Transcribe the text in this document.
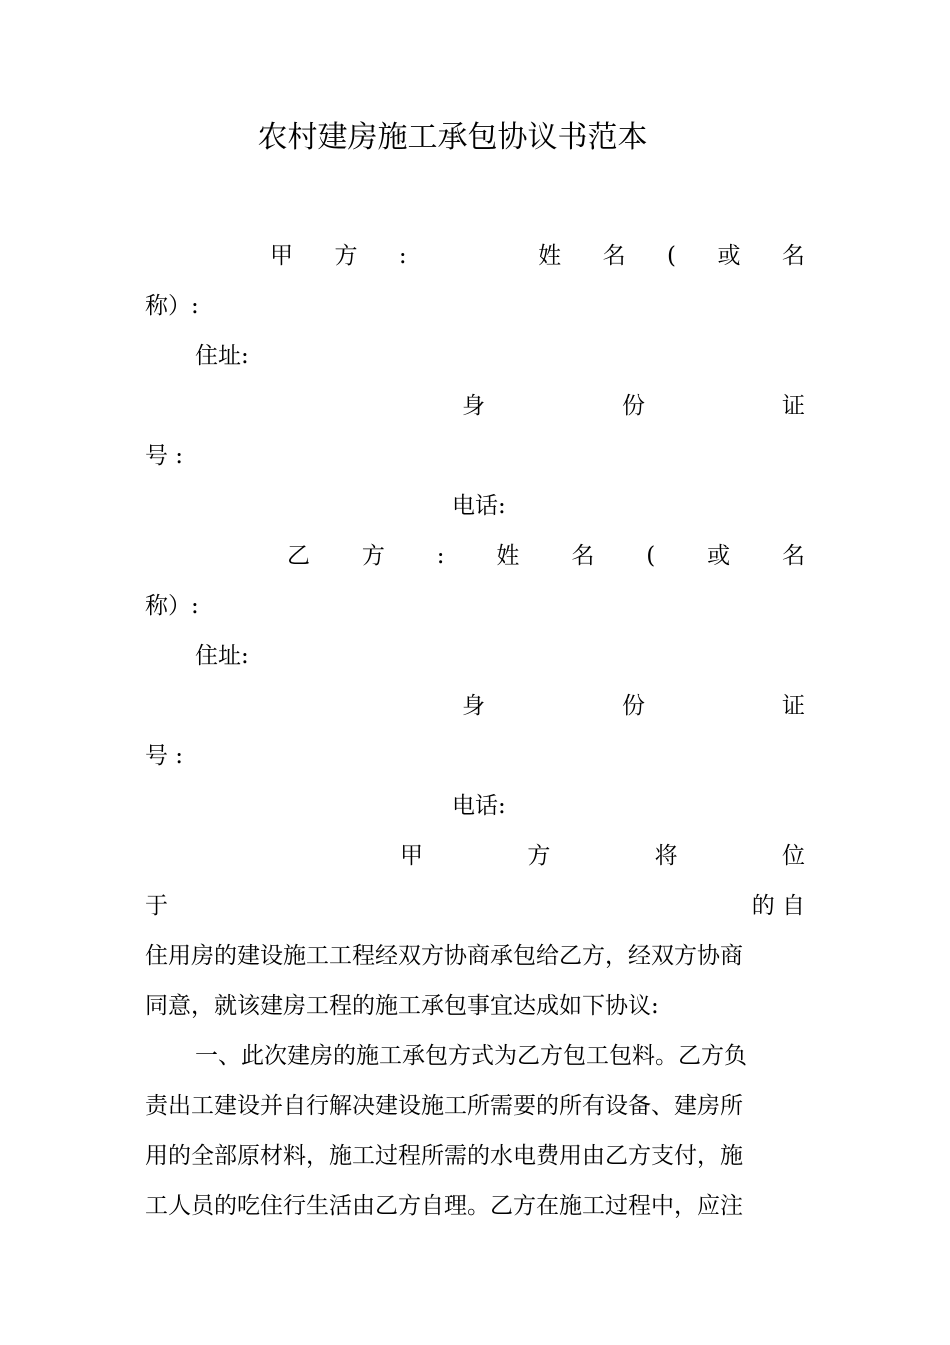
农村建房施工承包协议书范本
甲 方 :	姓 名 ( 或 名
称）:
住址:
身	份	证
号 :
电话:
乙 方 : 姓 名 ( 或 名
称）:
住址:
身	份	证
号 :
电话:
甲	方	将	位
于	的 自
住用房的建设施工工程经双方协商承包给乙方，经双方协商
同意，就该建房工程的施工承包事宜达成如下协议:
一、此次建房的施工承包方式为乙方包工包料。乙方负
责出工建设并自行解决建设施工所需要的所有设备、建房所
用的全部原材料，施工过程所需的水电费用由乙方支付，施
工人员的吃住行生活由乙方自理。乙方在施工过程中，应注
